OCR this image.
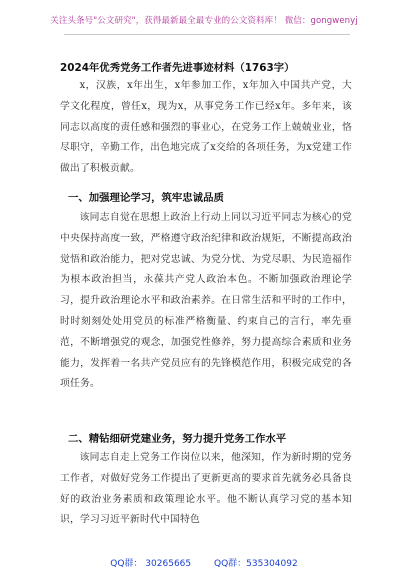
关注头条号"公文研究"，获得最新最全最专业的公文资料库！ 微信：gongwenyj
2024年优秀党务工作者先进事迹材料（1763字）

x，汉族，x年出生，x年参加工作，x年加入中国共产党，大学文化程度，曾任x，现为x，从事党务工作已经x年。多年来，该同志以高度的责任感和强烈的事业心，在党务工作上兢兢业业，恪尽职守，辛勤工作，出色地完成了x交给的各项任务，为x党建工作做出了积极贡献。

一、加强理论学习，筑牢忠诚品质

该同志自觉在思想上政治上行动上同以习近平同志为核心的党中央保持高度一致，严格遵守政治纪律和政治规矩，不断提高政治觉悟和政治能力，把对党忠诚、为党分忧、为党尽职、为民造福作为根本政治担当，永葆共产党人政治本色。不断加强政治理论学习，提升政治理论水平和政治素养。在日常生活和平时的工作中，时时刻刻处处用党员的标准严格衡量、约束自己的言行，率先垂范，不断增强党的观念，加强党性修养，努力提高综合素质和业务能力，发挥着一名共产党员应有的先锋模范作用，积极完成党的各项任务。

二、精钻细研党建业务，努力提升党务工作水平

该同志自走上党务工作岗位以来，他深知，作为新时期的党务工作者，对做好党务工作提出了更新更高的要求首先就务必具备良好的政治业务素质和政策理论水平。他不断认真学习党的基本知识，学习习近平新时代中国特色

QQ群： 30265665	QQ群：535304092
